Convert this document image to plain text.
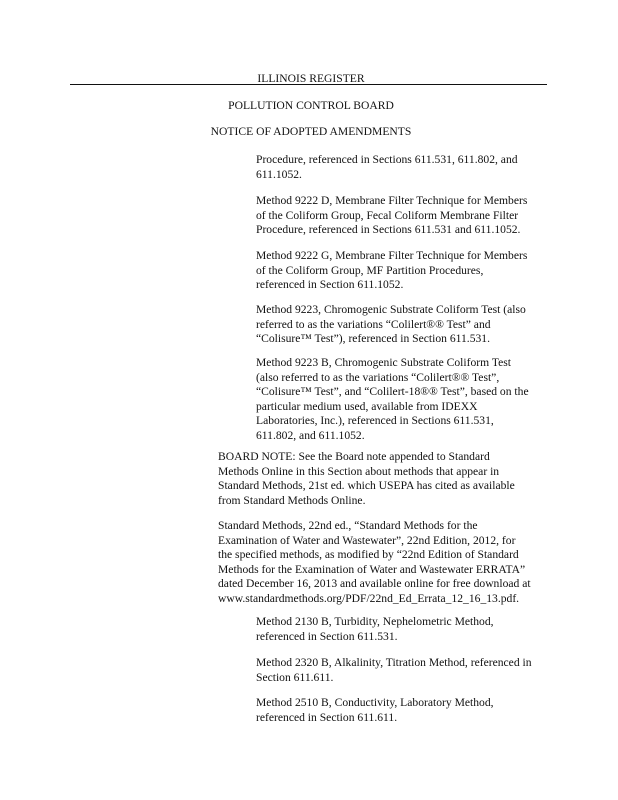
ILLINOIS REGISTER
POLLUTION CONTROL BOARD
NOTICE OF ADOPTED AMENDMENTS

Procedure, referenced in Sections 611.531, 611.802, and
611.1052.

Method 9222 D, Membrane Filter Technique for Members
of the Coliform Group, Fecal Coliform Membrane Filter
Procedure, referenced in Sections 611.531 and 611.1052.

Method 9222 G, Membrane Filter Technique for Members
of the Coliform Group, MF Partition Procedures,
referenced in Section 611.1052.

Method 9223, Chromogenic Substrate Coliform Test (also
referred to as the variations “Colilert®® Test” and
“Colisure™ Test”), referenced in Section 611.531.

Method 9223 B, Chromogenic Substrate Coliform Test
(also referred to as the variations “Colilert®® Test”,
“Colisure™ Test”, and “Colilert-18®® Test”, based on the
particular medium used, available from IDEXX
Laboratories, Inc.), referenced in Sections 611.531,
611.802, and 611.1052.

BOARD NOTE: See the Board note appended to Standard
Methods Online in this Section about methods that appear in
Standard Methods, 21st ed. which USEPA has cited as available
from Standard Methods Online.

Standard Methods, 22nd ed., “Standard Methods for the
Examination of Water and Wastewater”, 22nd Edition, 2012, for
the specified methods, as modified by “22nd Edition of Standard
Methods for the Examination of Water and Wastewater ERRATA”
dated December 16, 2013 and available online for free download at
www.standardmethods.org/PDF/22nd_Ed_Errata_12_16_13.pdf.

Method 2130 B, Turbidity, Nephelometric Method,
referenced in Section 611.531.

Method 2320 B, Alkalinity, Titration Method, referenced in
Section 611.611.

Method 2510 B, Conductivity, Laboratory Method,
referenced in Section 611.611.
